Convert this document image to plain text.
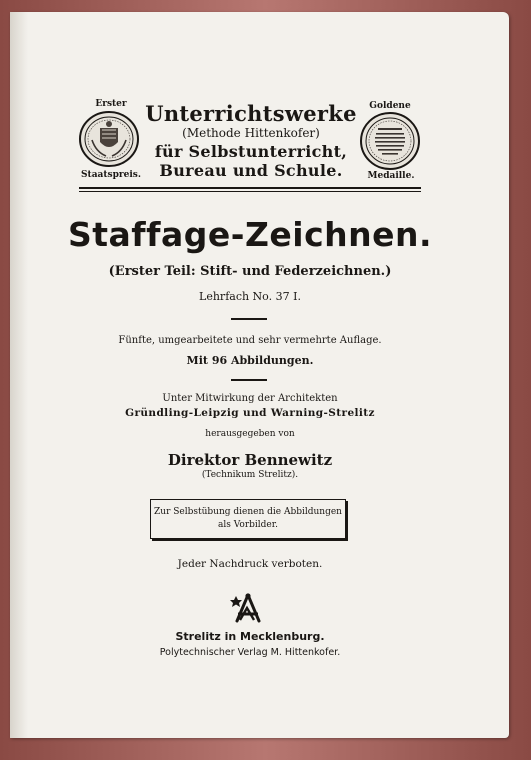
Erster
Staatspreis.
Goldene
Medaille.
Unterrichtswerke
(Methode Hittenkofer)
für Selbstunterricht,
Bureau und Schule.
Staffage-Zeichnen.
(Erster Teil: Stift- und Federzeichnen.)
Lehrfach No. 37 I.
Fünfte, umgearbeitete und sehr vermehrte Auflage.
Mit 96 Abbildungen.
Unter Mitwirkung der Architekten
Gründling-Leipzig und Warning-Strelitz
herausgegeben von
Direktor Bennewitz
(Technikum Strelitz).
Zur Selbstübung dienen die Abbildungen
als Vorbilder.
Jeder Nachdruck verboten.
Strelitz in Mecklenburg.
Polytechnischer Verlag M. Hittenkofer.
